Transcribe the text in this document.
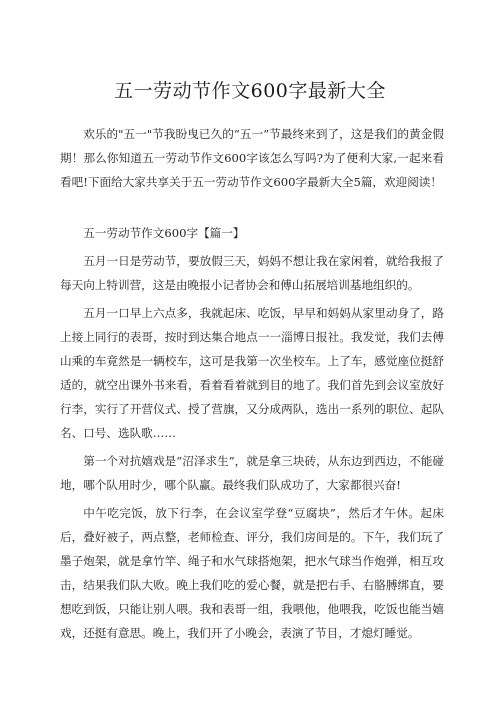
五一劳动节作文600字最新大全

欢乐的"五一"节我盼曳已久的“五一”节最终来到了，这是我们的黄金假期！那么你知道五一劳动节作文600字该怎么写吗?为了便利大家,一起来看看吧!下面给大家共享关于五一劳动节作文600字最新大全5篇，欢迎阅读！

五一劳动节作文600字【篇一】

五月一日是劳动节，要放假三天，妈妈不想让我在家闲着，就给我报了每天向上特训营，这是由晚报小记者协会和傅山拓展培训基地组织的。

五月一口早上六点多，我就起床、吃饭，早早和妈妈从家里动身了，路上接上同行的表哥，按时到达集合地点一一淄博日报社。我发觉，我们去傅山乘的车竟然是一辆校车，这可是我第一次坐校车。上了车，感觉座位挺舒适的，就空出课外书来看，看着看着就到目的地了。我们首先到会议室放好行李，实行了开营仪式、授了营旗，又分成两队，选出一系列的职位、起队名、口号、选队歌……

第一个对抗嬉戏是“沼泽求生”，就是拿三块砖，从东边到西边，不能碰地，哪个队用时少，哪个队赢。最终我们队成功了，大家都很兴奋!

中午吃完饭，放下行李，在会议室学登“豆腐块”，然后才午休。起床后，叠好被子，两点整，老师检查、评分，我们房间是的。下午，我们玩了墨子炮架，就是拿竹竿、绳子和水气球搭炮架，把水气球当作炮弹，相互攻击，结果我们队大败。晚上我们吃的爱心餐，就是把右手、右胳膊绑直，要想吃到饭，只能让别人喂。我和表哥一组，我喂他，他喂我，吃饭也能当嬉戏，还挺有意思。晚上，我们开了小晚会，表演了节目，才熄灯睡觉。
